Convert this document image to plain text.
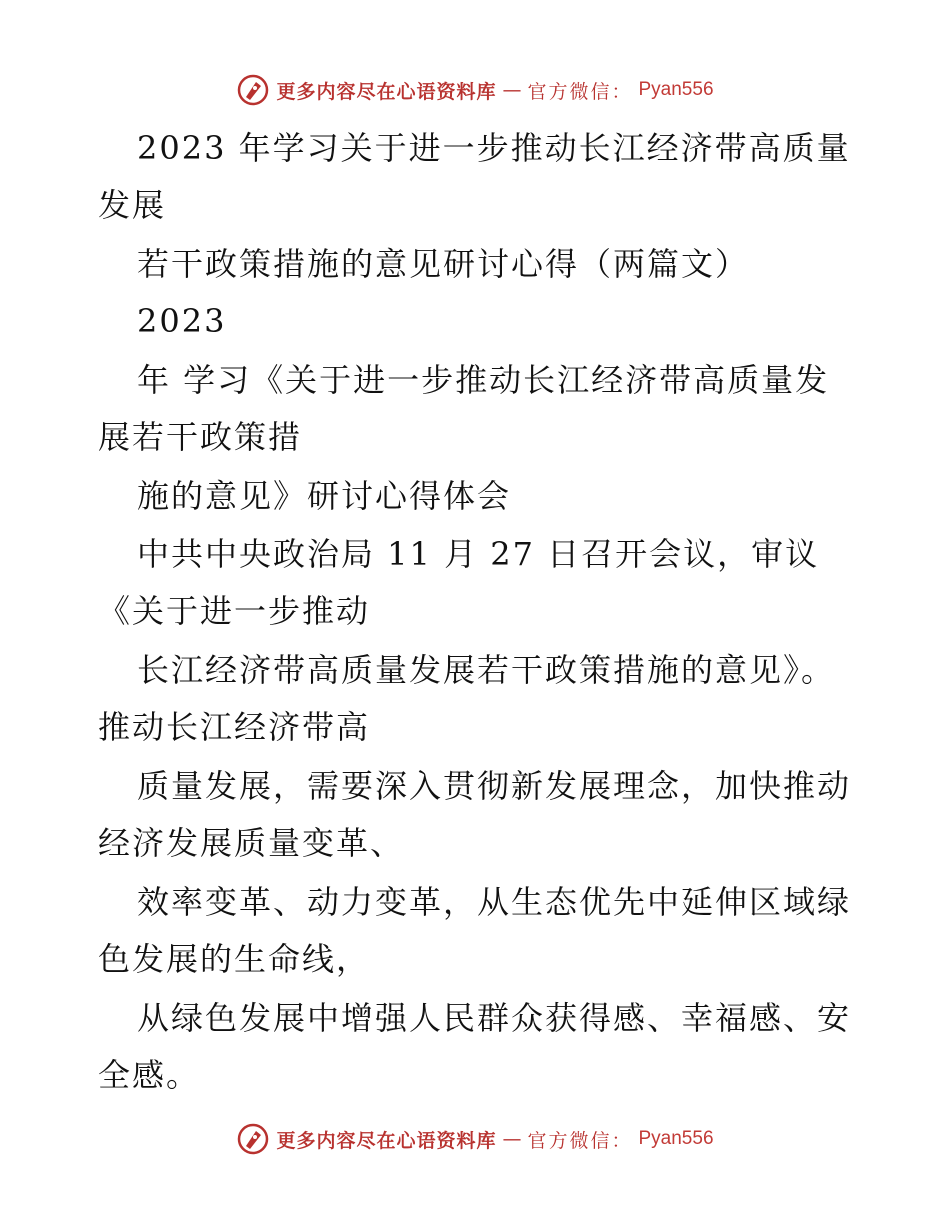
更多内容尽在心语资料库 — 官方微信： Pyan556
2023 年学习关于进一步推动长江经济带高质量
发展
若干政策措施的意见研讨心得（两篇文）
2023
年 学习《关于进一步推动长江经济带高质量发
展若干政策措
施的意见》研讨心得体会
中共中央政治局 11 月 27 日召开会议，审议
《关于进一步推动
长江经济带高质量发展若干政策措施的意见》。
推动长江经济带高
质量发展，需要深入贯彻新发展理念，加快推动
经济发展质量变革、
效率变革、动力变革，从生态优先中延伸区域绿
色发展的生命线，
从绿色发展中增强人民群众获得感、幸福感、安
全感。
更多内容尽在心语资料库 — 官方微信： Pyan556
